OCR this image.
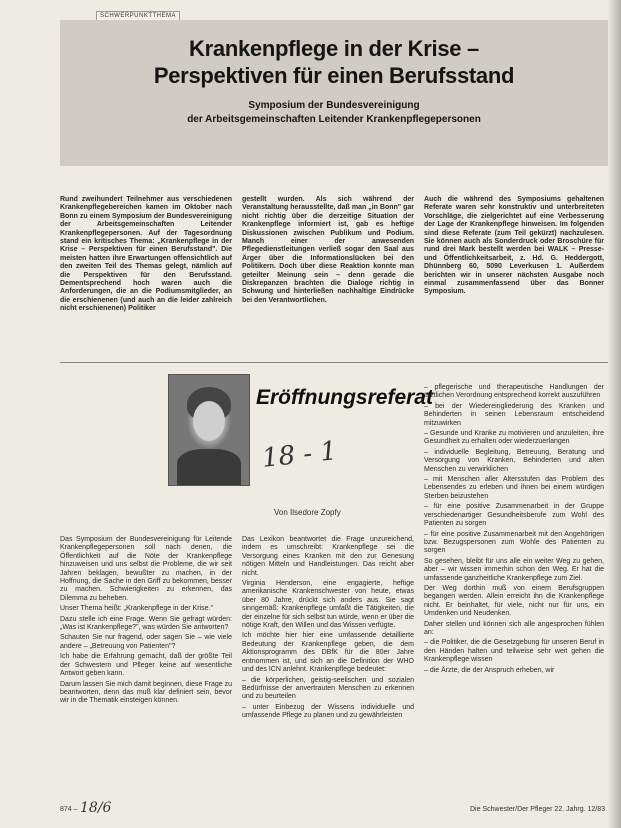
SCHWERPUNKTTHEMA
Krankenpflege in der Krise –
Perspektiven für einen Berufsstand
Symposium der Bundesvereinigung
der Arbeitsgemeinschaften Leitender Krankenpflegepersonen

Rund zweihundert Teilnehmer aus verschiedenen Krankenpflegebereichen kamen im Oktober nach Bonn zu einem Symposium der Bundesvereinigung der Arbeitsgemeinschaften Leitender Krankenpflegepersonen. Auf der Tagesordnung stand ein kritisches Thema: „Krankenpflege in der Krise – Perspektiven für einen Berufsstand". Die meisten hatten ihre Erwartungen offensichtlich auf den zweiten Teil des Themas gelegt, nämlich auf die Perspektiven für den Berufsstand. Dementsprechend hoch waren auch die Anforderungen, die an die Podiumsmitglieder, an die erschienenen (und auch an die leider zahlreich nicht erschienenen) Politiker

gestellt wurden. Als sich während der Veranstaltung herausstellte, daß man „in Bonn" gar nicht richtig über die derzeitige Situation der Krankenpflege informiert ist, gab es heftige Diskussionen zwischen Publikum und Podium. Manch einer der anwesenden Pflegedienstleitungen verließ sogar den Saal aus Ärger über die Informationslücken bei den Politikern. Doch über diese Reaktion konnte man geteilter Meinung sein – denn gerade die Diskrepanzen brachten die Dialoge richtig in Schwung und hinterließen nachhaltige Eindrücke bei den Verantwortlichen.

Auch die während des Symposiums gehaltenen Referate waren sehr konstruktiv und unterbreiteten Vorschläge, die zielgerichtet auf eine Verbesserung der Lage der Krankenpflege hinweisen. Im folgenden sind diese Referate (zum Teil gekürzt) nachzulesen. Sie können auch als Sonderdruck oder Broschüre für rund drei Mark bestellt werden bei WALK – Presse- und Öffentlichkeitsarbeit, z. Hd. G. Heddergott, Dhünnberg 60, 5090 Leverkusen 1. Außerdem berichten wir in unserer nächsten Ausgabe noch einmal zusammenfassend über das Bonner Symposium.

Eröffnungsreferat
18 - 1
Von Ilsedore Zopfy

Das Symposium der Bundesvereinigung für Leitende Krankenpflegepersonen soll nach denen, die Öffentlichkeit auf die Nöte der Krankenpflege hinzuweisen und uns selbst die Probleme, die wir seit Jahren beklagen, bewußter zu machen, in der Hoffnung, die Sache in den Griff zu bekommen, besser zu machen. Schwierigkeiten zu erkennen, das Dilemma zu beheben.

Unser Thema heißt: „Krankenpflege in der Krise."

Dazu stelle ich eine Frage. Wenn Sie gefragt würden: „Was ist Krankenpflege?", was würden Sie antworten?

Schauten Sie nur fragend, oder sagen Sie – wie viele andere – „Betreuung von Patienten"?

Ich habe die Erfahrung gemacht, daß der größte Teil der Schwestern und Pfleger keine auf wesentliche Antwort geben kann.

Darum lassen Sie mich damit beginnen, diese Frage zu beantworten, denn das muß klar definiert sein, bevor wir in die Thematik einsteigen können.

Das Lexikon beantwortet die Frage unzureichend, indem es umschreibt: Krankenpflege sei die Versorgung eines Kranken mit den zur Genesung nötigen Mitteln und Handleistungen. Das reicht aber nicht.

Virginia Henderson, eine engagierte, heftige amerikanische Krankenschwester von heute, etwas über 80 Jahre, drückt sich anders aus. Sie sagt sinngemäß: Krankenpflege umfaßt die Tätigkeiten, die der einzelne für sich selbst tun würde, wenn er über die nötige Kraft, den Willen und das Wissen verfügte.

Ich möchte hier hier eine umfassende detaillierte Bedeutung der Krankenpflege geben, die dem Aktionsprogramm des DBfK für die 80er Jahre entnommen ist, und sich an die Definition der WHO und des ICN anlehnt. Krankenpflege bedeutet:

– die körperlichen, geistig-seelischen und sozialen Bedürfnisse der anvertrauten Menschen zu erkennen und zu beurteilen

– unter Einbezug der Wissens individuelle und umfassende Pflege zu planen und zu gewährleisten

– pflegerische und therapeutische Handlungen der ärztlichen Verordnung entsprechend korrekt auszuführen

– bei der Wiedereingliederung des Kranken und Behinderten in seinen Lebensraum entscheidend mitzuwirken

– Gesunde und Kranke zu motivieren und anzuleiten, ihre Gesundheit zu erhalten oder wiederzuerlangen

– individuelle Begleitung, Betreuung, Beratung und Versorgung von Kranken, Behinderten und alten Menschen zu verwirklichen

– mit Menschen aller Altersstufen das Problem des Lebensendes zu erleben und ihnen bei einem würdigen Sterben beizustehen

– für eine positive Zusammenarbeit in der Gruppe verschiedenartiger Gesundheitsberufe zum Wohl des Patienten zu sorgen

– für eine positive Zusammenarbeit mit den Angehörigen bzw. Bezugspersonen zum Wohle des Patienten zu sorgen

So gesehen, bleibt für uns alle ein weiter Weg zu gehen, aber – wir wissen immerhin schon den Weg. Er hat die umfassende ganzheitliche Krankenpflege zum Ziel.

Der Weg dorthin muß von einem Berufsgruppen begangen werden. Allein erreicht ihn die Krankenpflege nicht. Er beinhaltet, für viele, nicht nur für uns, ein Umdenken und Neudenken.

Daher stellen und können sich alle angesprochen fühlen an:

– die Politiker, die die Gesetzgebung für unseren Beruf in den Händen halten und teilweise sehr weit gehen die Krankenpflege wissen

– die Ärzte, die der Anspruch erheben, wir

874 – 18/6	Die Schwester/Der Pfleger 22. Jahrg. 12/83
